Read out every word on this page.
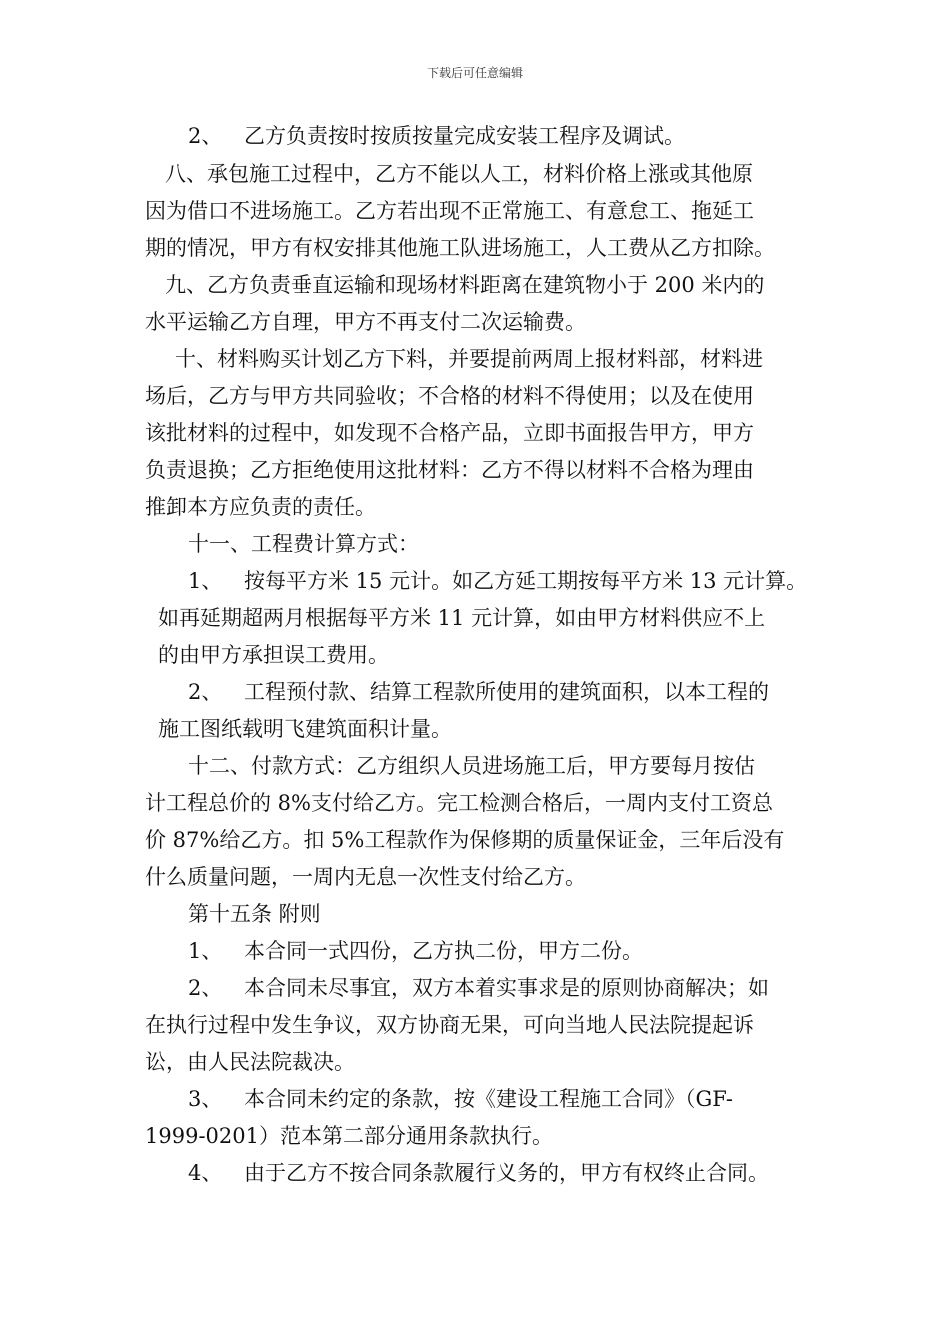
下载后可任意编辑
2、 乙方负责按时按质按量完成安装工程序及调试。
八、承包施工过程中，乙方不能以人工，材料价格上涨或其他原
因为借口不进场施工。乙方若出现不正常施工、有意怠工、拖延工
期的情况，甲方有权安排其他施工队进场施工，人工费从乙方扣除。
九、乙方负责垂直运输和现场材料距离在建筑物小于 200 米内的
水平运输乙方自理，甲方不再支付二次运输费。
十、材料购买计划乙方下料，并要提前两周上报材料部，材料进
场后，乙方与甲方共同验收；不合格的材料不得使用；以及在使用
该批材料的过程中，如发现不合格产品，立即书面报告甲方，甲方
负责退换；乙方拒绝使用这批材料：乙方不得以材料不合格为理由
推卸本方应负责的责任。
十一、工程费计算方式：
1、 按每平方米 15 元计。如乙方延工期按每平方米 13 元计算。
如再延期超两月根据每平方米 11 元计算，如由甲方材料供应不上
的由甲方承担误工费用。
2、 工程预付款、结算工程款所使用的建筑面积，以本工程的
施工图纸载明飞建筑面积计量。
十二、付款方式：乙方组织人员进场施工后，甲方要每月按估
计工程总价的 8%支付给乙方。完工检测合格后，一周内支付工资总
价 87%给乙方。扣 5%工程款作为保修期的质量保证金，三年后没有
什么质量问题，一周内无息一次性支付给乙方。
第十五条 附则
1、 本合同一式四份，乙方执二份，甲方二份。
2、 本合同未尽事宜，双方本着实事求是的原则协商解决；如
在执行过程中发生争议，双方协商无果，可向当地人民法院提起诉
讼，由人民法院裁决。
3、 本合同未约定的条款，按《建设工程施工合同》（GF-
1999-0201）范本第二部分通用条款执行。
4、 由于乙方不按合同条款履行义务的，甲方有权终止合同。
